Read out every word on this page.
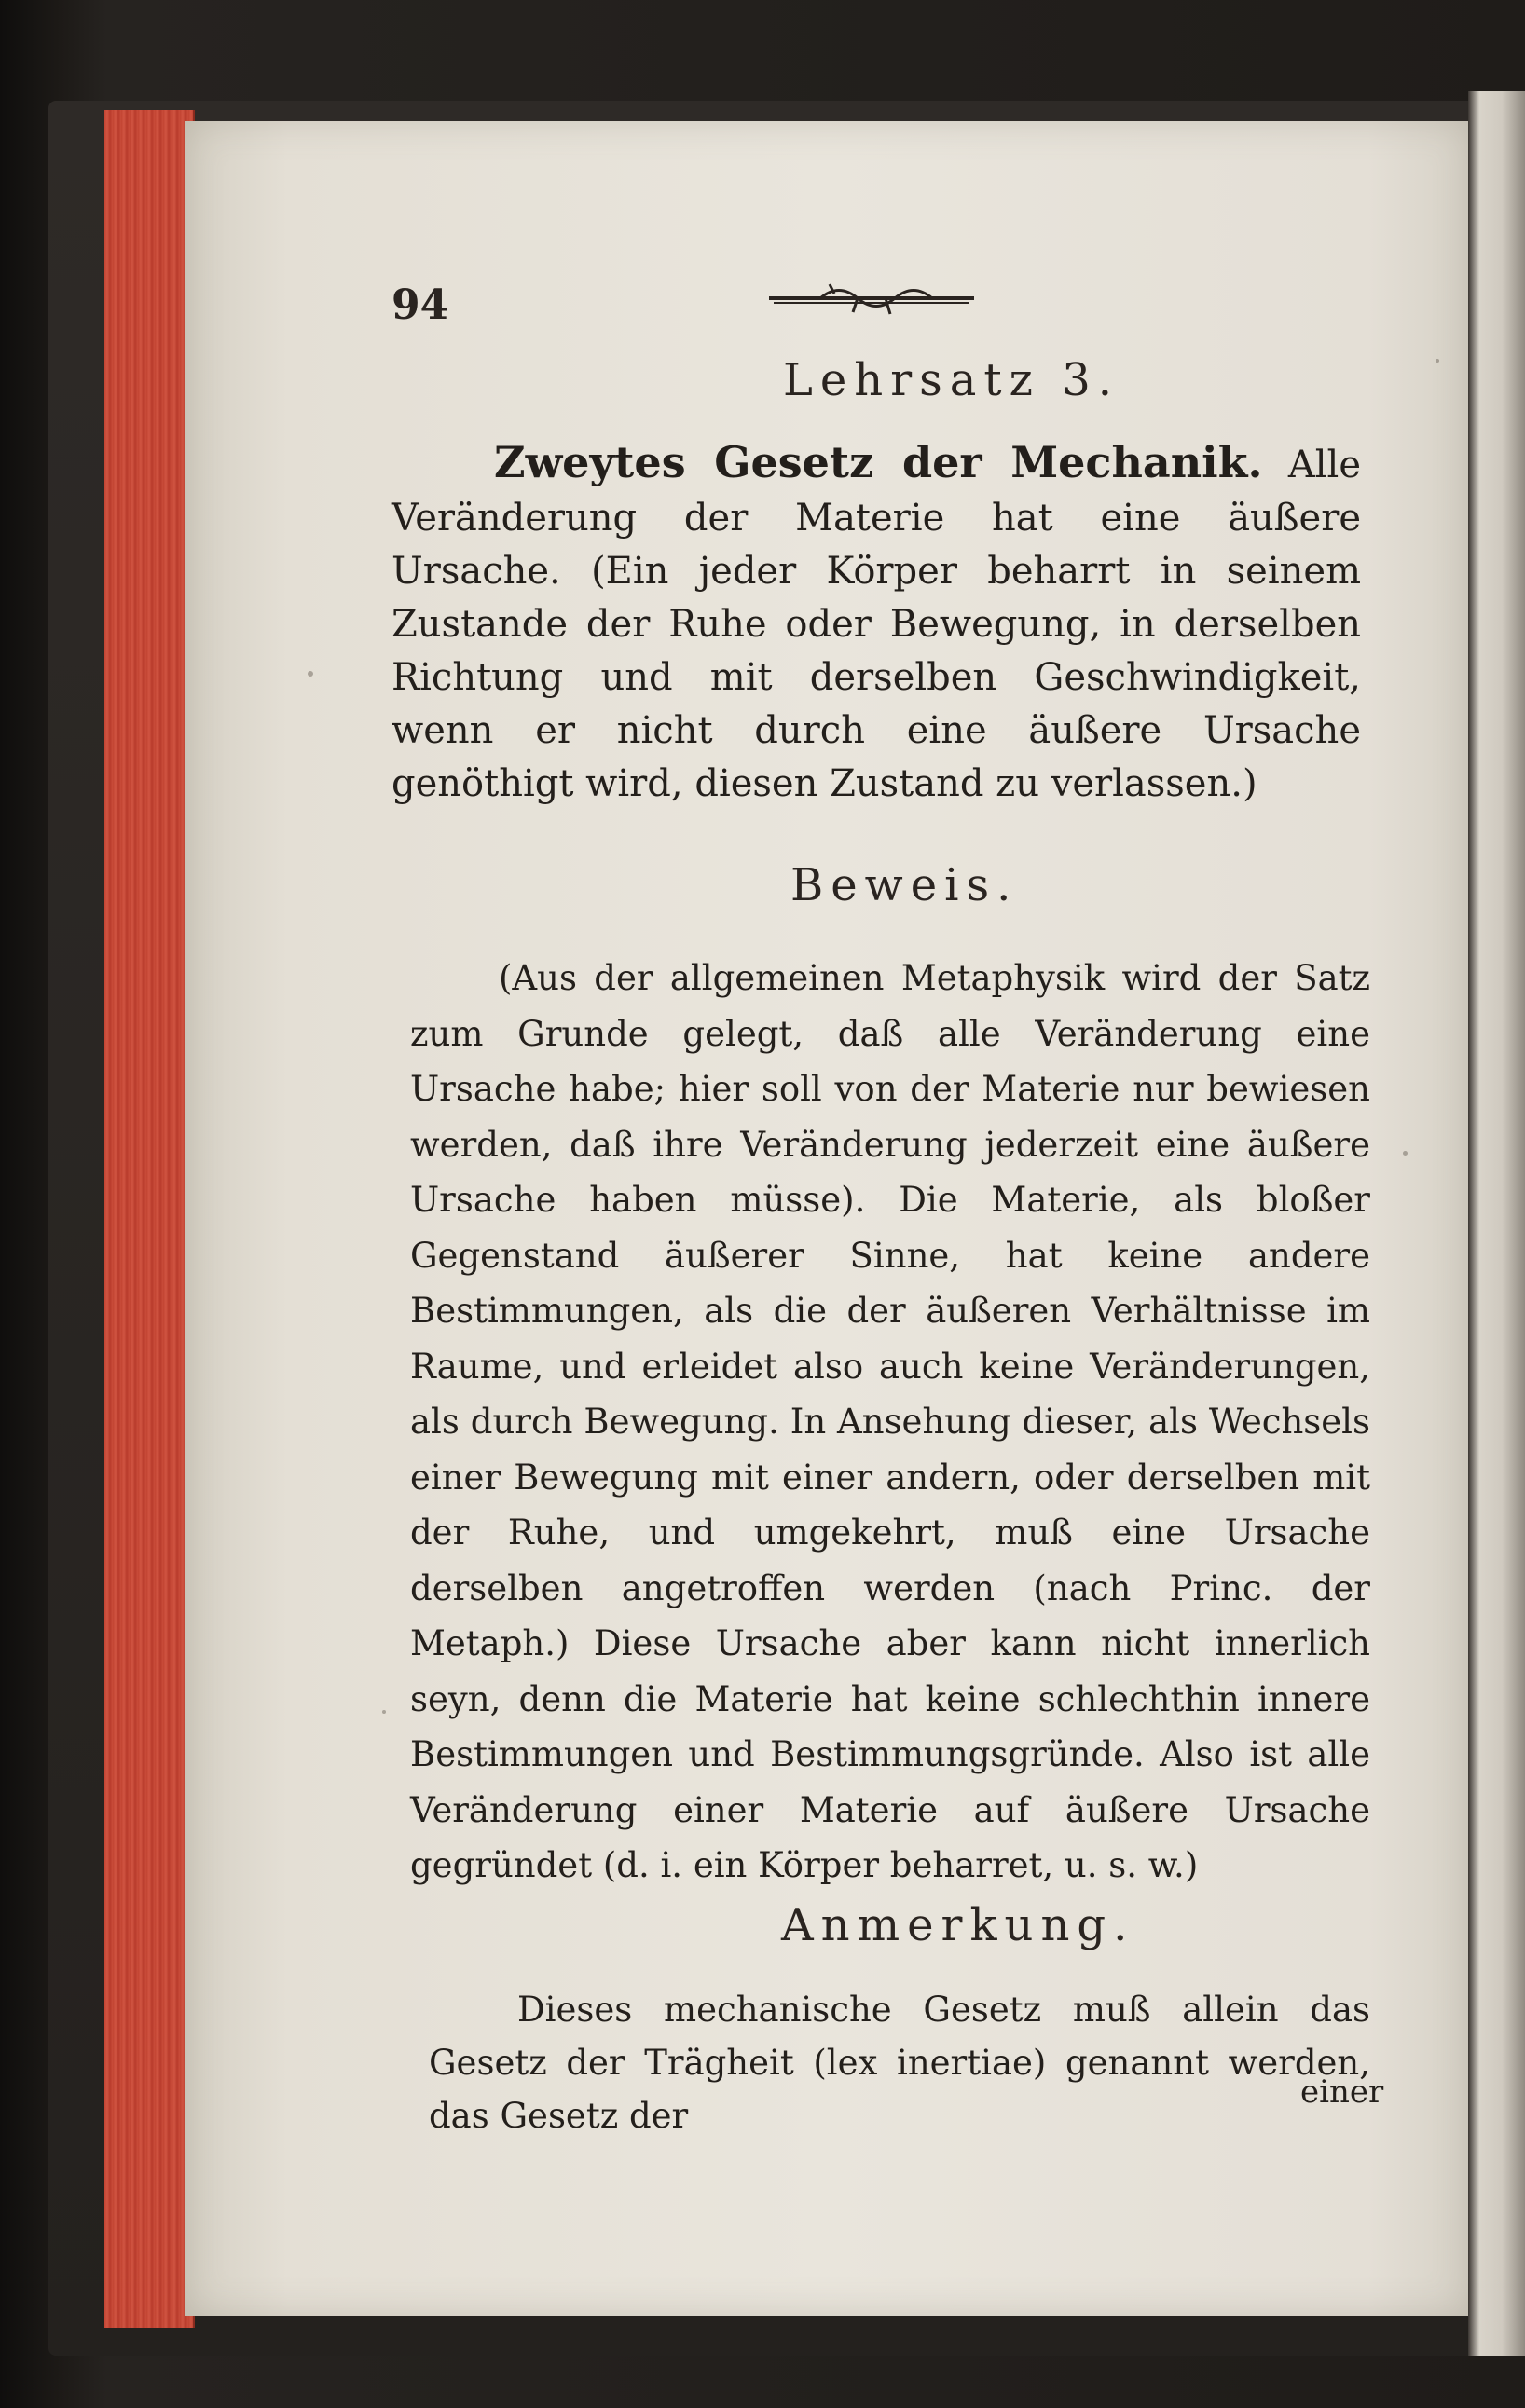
94
Lehrsatz 3.
Zweytes Gesetz der Mechanik. Alle Veränderung der Materie hat eine äußere Ursache. (Ein jeder Körper beharrt in seinem Zustande der Ruhe oder Bewegung, in derselben Richtung und mit derselben Geschwindigkeit, wenn er nicht durch eine äußere Ursache genöthigt wird, diesen Zustand zu verlassen.)
Beweis.
(Aus der allgemeinen Metaphysik wird der Satz zum Grunde gelegt, daß alle Veränderung eine Ursache habe; hier soll von der Materie nur bewiesen werden, daß ihre Veränderung jederzeit eine äußere Ursache haben müsse). Die Materie, als bloßer Gegenstand äußerer Sinne, hat keine andere Bestimmungen, als die der äußeren Verhältnisse im Raume, und erleidet also auch keine Veränderungen, als durch Bewegung. In Ansehung dieser, als Wechsels einer Bewegung mit einer andern, oder derselben mit der Ruhe, und umgekehrt, muß eine Ursache derselben angetroffen werden (nach Princ. der Metaph.) Diese Ursache aber kann nicht innerlich seyn, denn die Materie hat keine schlechthin innere Bestimmungen und Bestimmungsgründe. Also ist alle Veränderung einer Materie auf äußere Ursache gegründet (d. i. ein Körper beharret, u. s. w.)
Anmerkung.
Dieses mechanische Gesetz muß allein das Gesetz der Trägheit (lex inertiae) genannt werden, das Gesetz der
einer
